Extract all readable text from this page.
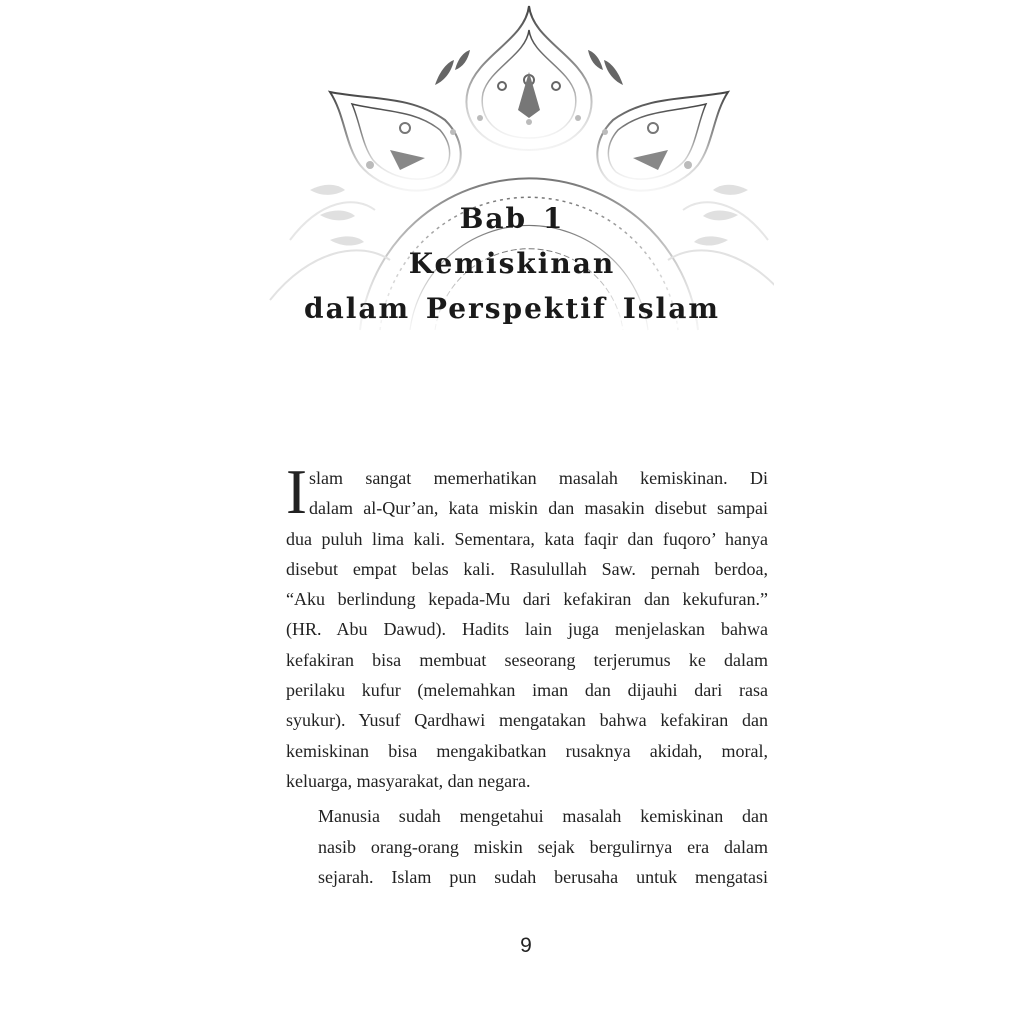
Bab 1
Kemiskinan
dalam Perspektif Islam
I slam sangat memerhatikan masalah kemiskinan. Di
dalam al-Qur’an, kata miskin dan masakin disebut sampai
dua puluh lima kali. Sementara, kata faqir dan fuqoro’ hanya
disebut empat belas kali. Rasulullah Saw. pernah berdoa,
“Aku berlindung kepada-Mu dari kefakiran dan kekufuran.”
(HR. Abu Dawud). Hadits lain juga menjelaskan bahwa
kefakiran bisa membuat seseorang terjerumus ke dalam
perilaku kufur (melemahkan iman dan dijauhi dari rasa
syukur). Yusuf Qardhawi mengatakan bahwa kefakiran dan
kemiskinan bisa mengakibatkan rusaknya akidah, moral,
keluarga, masyarakat, dan negara.
Manusia sudah mengetahui masalah kemiskinan dan
nasib orang-orang miskin sejak bergulirnya era dalam
sejarah. Islam pun sudah berusaha untuk mengatasi
9
